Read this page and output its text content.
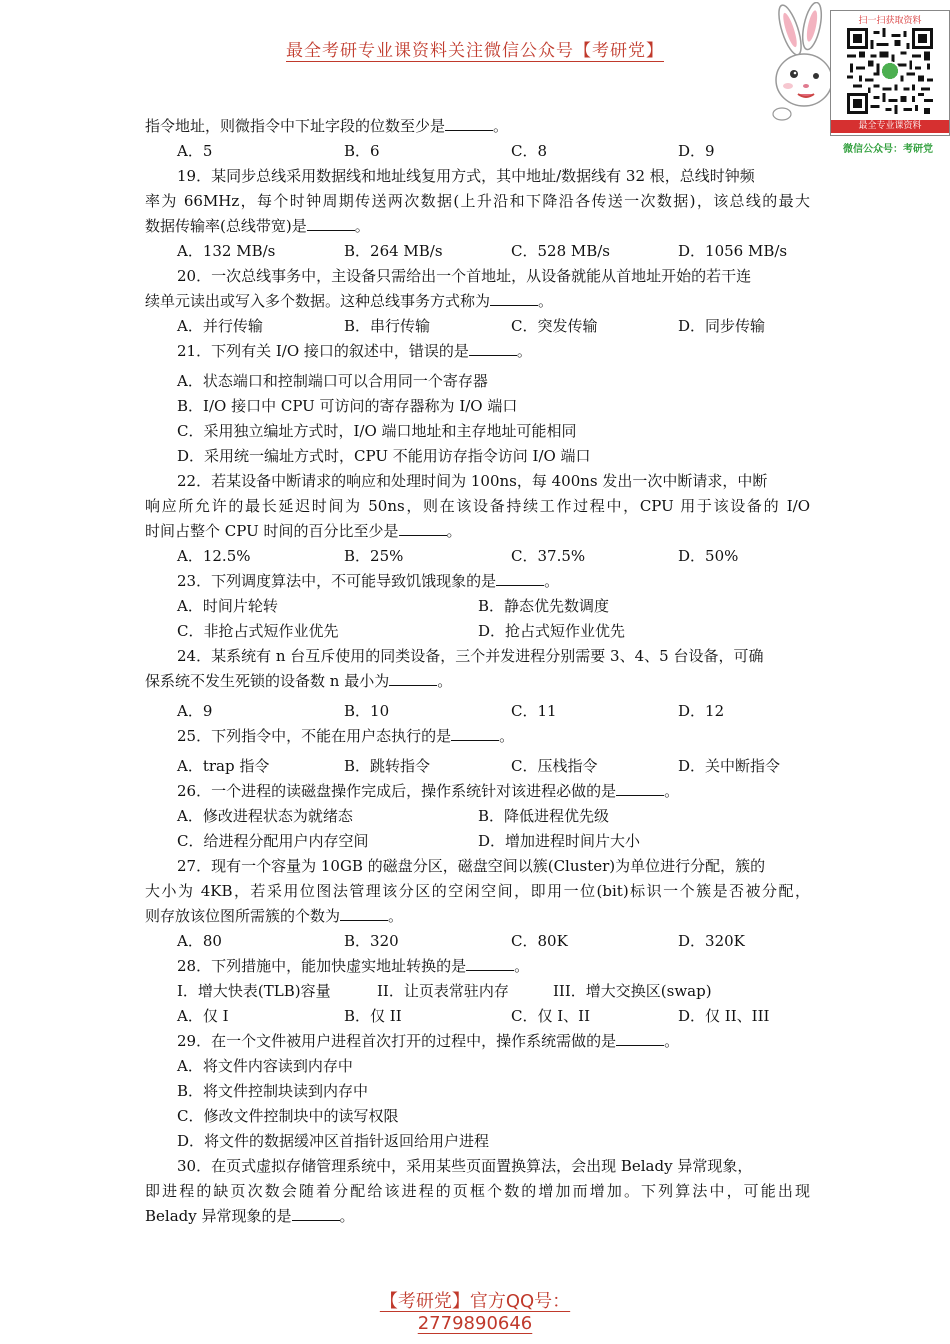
最全考研专业课资料关注微信公众号【考研党】
扫一扫获取资料
最全专业课资料
微信公众号：考研党
指令地址，则微指令中下址字段的位数至少是	。
A．5	B．6	C．8	D．9
19．某同步总线采用数据线和地址线复用方式，其中地址/数据线有 32 根，总线时钟频
率为 66MHz，每个时钟周期传送两次数据(上升沿和下降沿各传送一次数据)，该总线的最大
数据传输率(总线带宽)是	。
A．132 MB/s	B．264 MB/s	C．528 MB/s	D．1056 MB/s
20．一次总线事务中，主设备只需给出一个首地址，从设备就能从首地址开始的若干连
续单元读出或写入多个数据。这种总线事务方式称为	。
A．并行传输	B．串行传输	C．突发传输	D．同步传输
21．下列有关 I/O 接口的叙述中，错误的是	。
A．状态端口和控制端口可以合用同一个寄存器
B．I/O 接口中 CPU 可访问的寄存器称为 I/O 端口
C．采用独立编址方式时，I/O 端口地址和主存地址可能相同
D．采用统一编址方式时，CPU 不能用访存指令访问 I/O 端口
22．若某设备中断请求的响应和处理时间为 100ns，每 400ns 发出一次中断请求，中断
响应所允许的最长延迟时间为 50ns，则在该设备持续工作过程中，CPU 用于该设备的 I/O
时间占整个 CPU 时间的百分比至少是	。
A．12.5%	B．25%	C．37.5%	D．50%
23．下列调度算法中，不可能导致饥饿现象的是	。
A．时间片轮转	B．静态优先数调度
C．非抢占式短作业优先	D．抢占式短作业优先
24．某系统有 n 台互斥使用的同类设备，三个并发进程分别需要 3、4、5 台设备，可确
保系统不发生死锁的设备数 n 最小为	。
A．9	B．10	C．11	D．12
25．下列指令中，不能在用户态执行的是	。
A．trap 指令	B．跳转指令	C．压栈指令	D．关中断指令
26．一个进程的读磁盘操作完成后，操作系统针对该进程必做的是	。
A．修改进程状态为就绪态	B．降低进程优先级
C．给进程分配用户内存空间	D．增加进程时间片大小
27．现有一个容量为 10GB 的磁盘分区，磁盘空间以簇(Cluster)为单位进行分配，簇的
大小为 4KB，若采用位图法管理该分区的空闲空间，即用一位(bit)标识一个簇是否被分配，
则存放该位图所需簇的个数为	。
A．80	B．320	C．80K	D．320K
28．下列措施中，能加快虚实地址转换的是	。
I．增大快表(TLB)容量	II．让页表常驻内存	III．增大交换区(swap)
A．仅 I	B．仅 II	C．仅 I、II	D．仅 II、III
29．在一个文件被用户进程首次打开的过程中，操作系统需做的是	。
A．将文件内容读到内存中
B．将文件控制块读到内存中
C．修改文件控制块中的读写权限
D．将文件的数据缓冲区首指针返回给用户进程
30．在页式虚拟存储管理系统中，采用某些页面置换算法，会出现 Belady 异常现象，
即进程的缺页次数会随着分配给该进程的页框个数的增加而增加。下列算法中，可能出现
Belady 异常现象的是	。
【考研党】官方QQ号：2779890646
